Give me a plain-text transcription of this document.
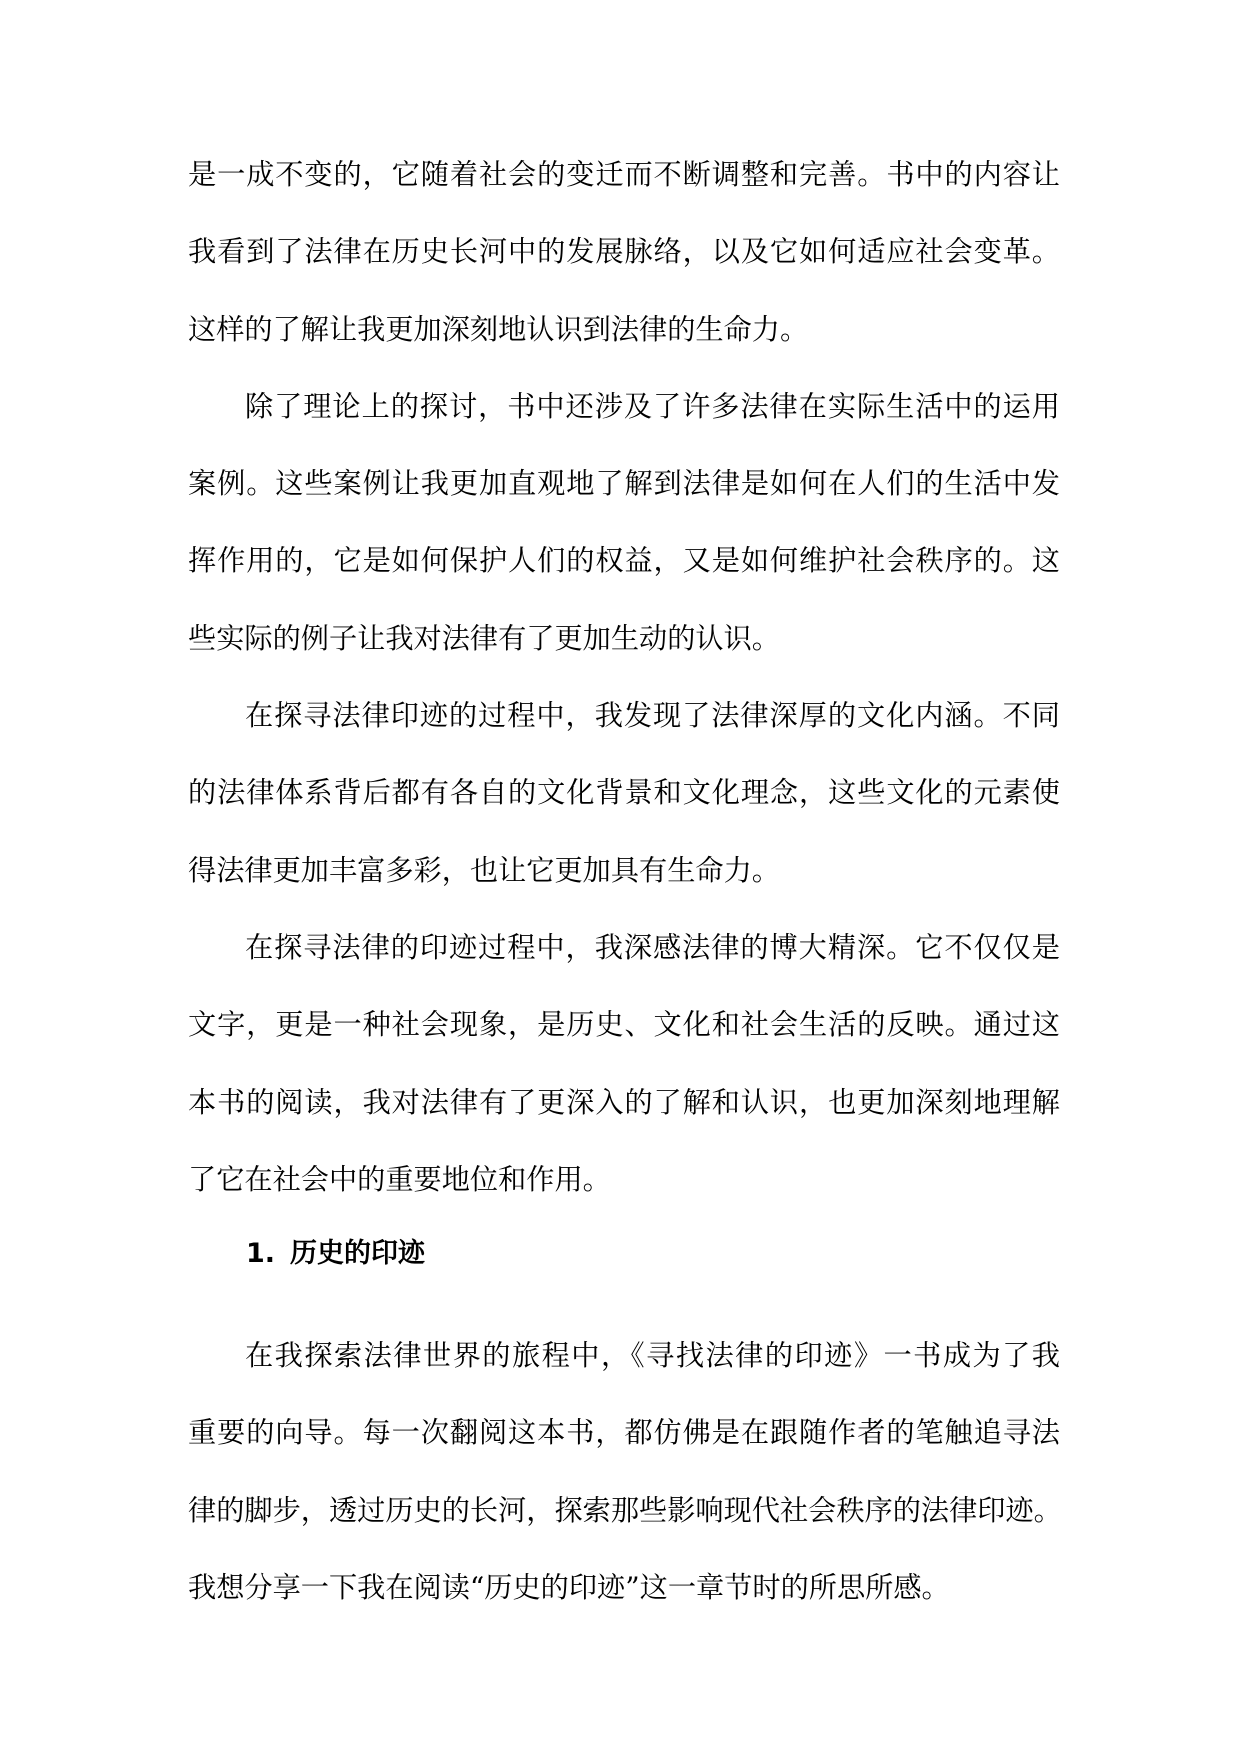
是一成不变的，它随着社会的变迁而不断调整和完善。书中的内容让
我看到了法律在历史长河中的发展脉络，以及它如何适应社会变革。
这样的了解让我更加深刻地认识到法律的生命力。
除了理论上的探讨，书中还涉及了许多法律在实际生活中的运用
案例。这些案例让我更加直观地了解到法律是如何在人们的生活中发
挥作用的，它是如何保护人们的权益，又是如何维护社会秩序的。这
些实际的例子让我对法律有了更加生动的认识。
在探寻法律印迹的过程中，我发现了法律深厚的文化内涵。不同
的法律体系背后都有各自的文化背景和文化理念，这些文化的元素使
得法律更加丰富多彩，也让它更加具有生命力。
在探寻法律的印迹过程中，我深感法律的博大精深。它不仅仅是
文字，更是一种社会现象，是历史、文化和社会生活的反映。通过这
本书的阅读，我对法律有了更深入的了解和认识，也更加深刻地理解
了它在社会中的重要地位和作用。
1. 历史的印迹
在我探索法律世界的旅程中，《寻找法律的印迹》一书成为了我
重要的向导。每一次翻阅这本书，都仿佛是在跟随作者的笔触追寻法
律的脚步，透过历史的长河，探索那些影响现代社会秩序的法律印迹。
我想分享一下我在阅读“历史的印迹”这一章节时的所思所感。
